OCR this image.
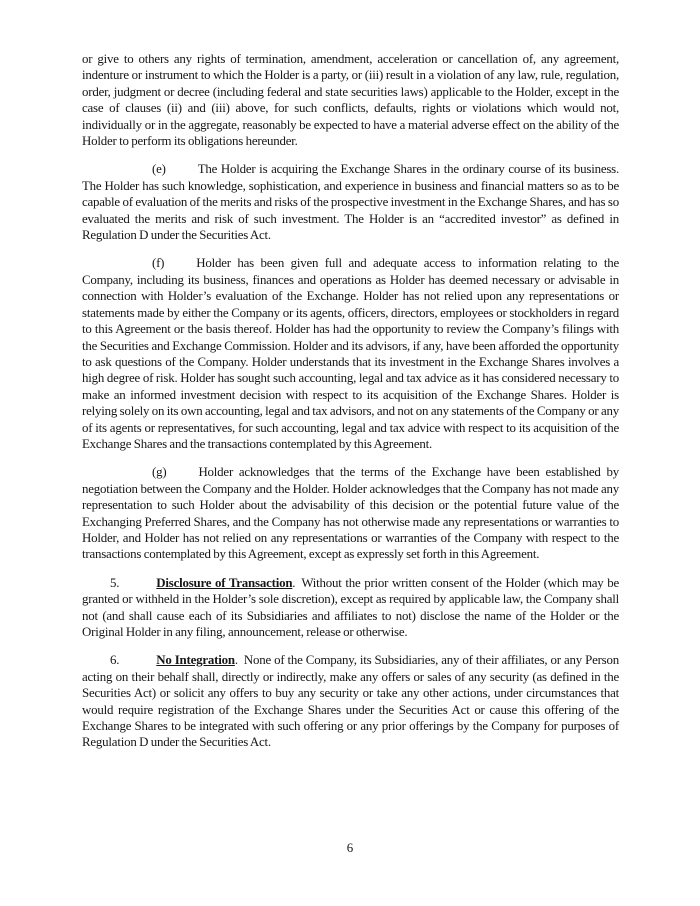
or give to others any rights of termination, amendment, acceleration or cancellation of, any agreement, indenture or instrument to which the Holder is a party, or (iii) result in a violation of any law, rule, regulation, order, judgment or decree (including federal and state securities laws) applicable to the Holder, except in the case of clauses (ii) and (iii) above, for such conflicts, defaults, rights or violations which would not, individually or in the aggregate, reasonably be expected to have a material adverse effect on the ability of the Holder to perform its obligations hereunder.

(e) The Holder is acquiring the Exchange Shares in the ordinary course of its business. The Holder has such knowledge, sophistication, and experience in business and financial matters so as to be capable of evaluation of the merits and risks of the prospective investment in the Exchange Shares, and has so evaluated the merits and risk of such investment. The Holder is an “accredited investor” as defined in Regulation D under the Securities Act.

(f) Holder has been given full and adequate access to information relating to the Company, including its business, finances and operations as Holder has deemed necessary or advisable in connection with Holder’s evaluation of the Exchange. Holder has not relied upon any representations or statements made by either the Company or its agents, officers, directors, employees or stockholders in regard to this Agreement or the basis thereof. Holder has had the opportunity to review the Company’s filings with the Securities and Exchange Commission. Holder and its advisors, if any, have been afforded the opportunity to ask questions of the Company. Holder understands that its investment in the Exchange Shares involves a high degree of risk. Holder has sought such accounting, legal and tax advice as it has considered necessary to make an informed investment decision with respect to its acquisition of the Exchange Shares. Holder is relying solely on its own accounting, legal and tax advisors, and not on any statements of the Company or any of its agents or representatives, for such accounting, legal and tax advice with respect to its acquisition of the Exchange Shares and the transactions contemplated by this Agreement.

(g) Holder acknowledges that the terms of the Exchange have been established by negotiation between the Company and the Holder. Holder acknowledges that the Company has not made any representation to such Holder about the advisability of this decision or the potential future value of the Exchanging Preferred Shares, and the Company has not otherwise made any representations or warranties to Holder, and Holder has not relied on any representations or warranties of the Company with respect to the transactions contemplated by this Agreement, except as expressly set forth in this Agreement.

5.	Disclosure of Transaction. Without the prior written consent of the Holder (which may be granted or withheld in the Holder’s sole discretion), except as required by applicable law, the Company shall not (and shall cause each of its Subsidiaries and affiliates to not) disclose the name of the Holder or the Original Holder in any filing, announcement, release or otherwise.

6.	No Integration. None of the Company, its Subsidiaries, any of their affiliates, or any Person acting on their behalf shall, directly or indirectly, make any offers or sales of any security (as defined in the Securities Act) or solicit any offers to buy any security or take any other actions, under circumstances that would require registration of the Exchange Shares under the Securities Act or cause this offering of the Exchange Shares to be integrated with such offering or any prior offerings by the Company for purposes of Regulation D under the Securities Act.

6
